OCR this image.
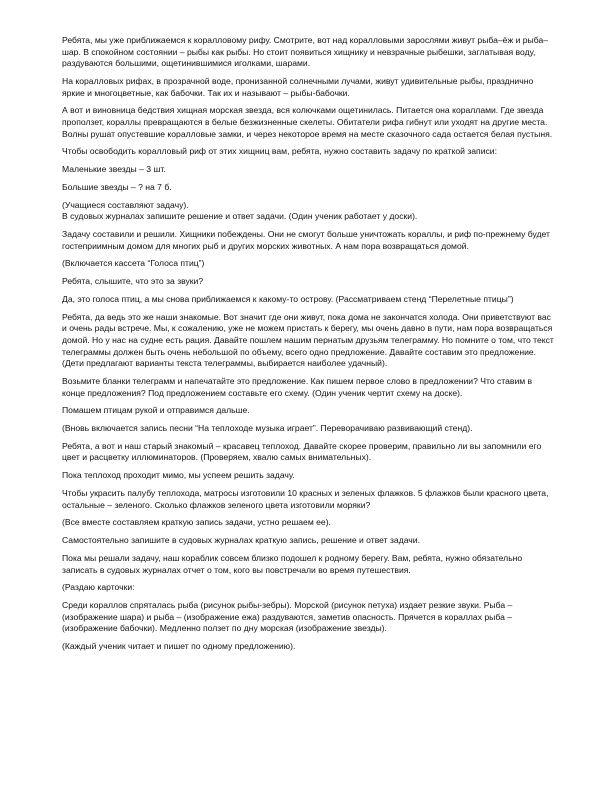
Ребята, мы уже приближаемся к коралловому рифу. Смотрите, вот над коралловыми зарослями живут рыба–ёж и рыба–шар. В спокойном состоянии – рыбы как рыбы. Но стоит появиться хищнику и невзрачные рыбешки, заглатывая воду, раздуваются большими, ощетинившимися иголками, шарами.

На коралловых рифах, в прозрачной воде, пронизанной солнечными лучами, живут удивительные рыбы, празднично яркие и многоцветные, как бабочки. Так их и называют – рыбы-бабочки.

А вот и виновница бедствия хищная морская звезда, вся колючками ощетинилась. Питается она кораллами. Где звезда проползет, кораллы превращаются в белые безжизненные скелеты. Обитатели рифа гибнут или уходят на другие места. Волны рушат опустевшие коралловые замки, и через некоторое время на месте сказочного сада остается белая пустыня.

Чтобы освободить коралловый риф от этих хищниц вам, ребята, нужно составить задачу по краткой записи:

Маленькие звезды – 3 шт.

Большие звезды – ? на 7 б.

(Учащиеся составляют задачу).

В судовых журналах запишите решение и ответ задачи. (Один ученик работает у доски).

Задачу составили и решили. Хищники побеждены. Они не смогут больше уничтожать кораллы, и риф по-прежнему будет гостеприимным домом для многих рыб и других морских животных. А нам пора возвращаться домой.

(Включается кассета “Голоса птиц”)

Ребята, слышите, что это за звуки?

Да, это голоса птиц, а мы снова приближаемся к какому-то острову. (Рассматриваем стенд “Перелетные птицы”)

Ребята, да ведь это же наши знакомые. Вот значит где они живут, пока дома не закончатся холода. Они приветствуют вас и очень рады встрече. Мы, к сожалению, уже не можем пристать к берегу, мы очень давно в пути, нам пора возвращаться домой. Но у нас на судне есть рация. Давайте пошлем нашим пернатым друзьям телеграмму. Но помните о том, что текст телеграммы должен быть очень небольшой по объему, всего одно предложение. Давайте составим это предложение. (Дети предлагают варианты текста телеграммы, выбирается наиболее удачный).

Возьмите бланки телеграмм и напечатайте это предложение. Как пишем первое слово в предложении? Что ставим в конце предложения? Под предложением составьте его схему. (Один ученик чертит схему на доске).

Помашем птицам рукой и отправимся дальше.

(Вновь включается запись песни “На теплоходе музыка играет”. Переворачиваю развивающий стенд).

Ребята, а вот и наш старый знакомый – красавец теплоход. Давайте скорее проверим, правильно ли вы запомнили его цвет и расцветку иллюминаторов. (Проверяем, хвалю самых внимательных).

Пока теплоход проходит мимо, мы успеем решить задачу.

Чтобы украсить палубу теплохода, матросы изготовили 10 красных и зеленых флажков. 5 флажков были красного цвета, остальные – зеленого. Сколько флажков зеленого цвета изготовили моряки?

(Все вместе составляем краткую запись задачи, устно решаем ее).

Самостоятельно запишите в судовых журналах краткую запись, решение и ответ задачи.

Пока мы решали задачу, наш кораблик совсем близко подошел к родному берегу. Вам, ребята, нужно обязательно записать в судовых журналах отчет о том, кого вы повстречали во время путешествия.

(Раздаю карточки:

Среди кораллов спряталась рыба (рисунок рыбы-зебры). Морской (рисунок петуха) издает резкие звуки. Рыба – (изображение шара) и рыба – (изображение ежа) раздуваются, заметив опасность. Прячется в кораллах рыба – (изображение бабочки). Медленно ползет по дну морская (изображение звезды).

(Каждый ученик читает и пишет по одному предложению).
